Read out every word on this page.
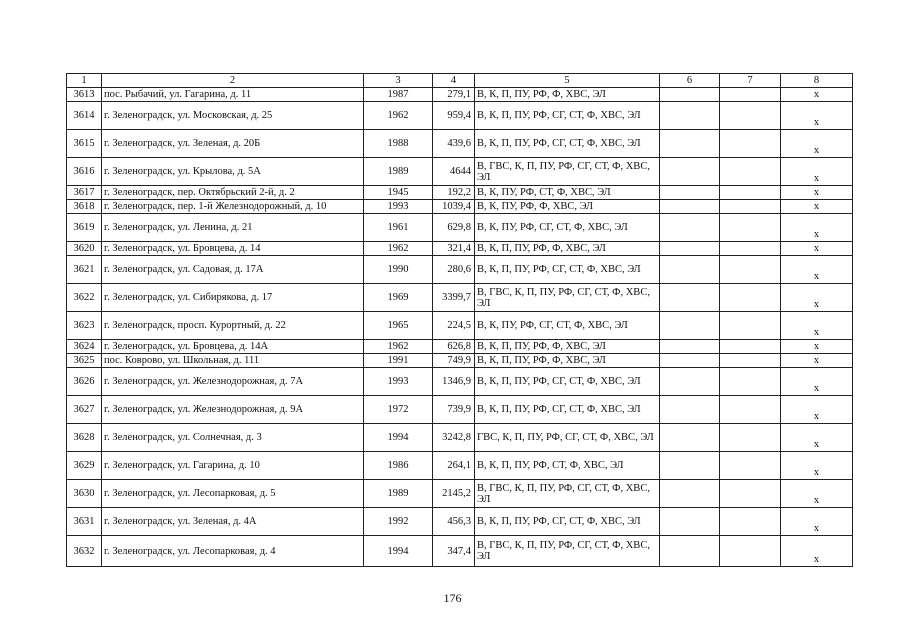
1	2	3	4	5	6	7	8
3613	пос. Рыбачий, ул. Гагарина, д. 11	1987	279,1	В, К, П, ПУ, РФ, Ф, ХВС, ЭЛ			х
3614	г. Зеленоградск, ул. Московская, д. 25	1962	959,4	В, К, П, ПУ, РФ, СГ, СТ, Ф, ХВС, ЭЛ			х
3615	г. Зеленоградск, ул. Зеленая, д. 20Б	1988	439,6	В, К, П, ПУ, РФ, СГ, СТ, Ф, ХВС, ЭЛ			х
3616	г. Зеленоградск, ул. Крылова, д. 5А	1989	4644	В, ГВС, К, П, ПУ, РФ, СГ, СТ, Ф, ХВС, ЭЛ			х
3617	г. Зеленоградск, пер. Октябрьский 2-й, д. 2	1945	192,2	В, К, ПУ, РФ, СТ, Ф, ХВС, ЭЛ			х
3618	г. Зеленоградск, пер. 1-й Железнодорожный, д. 10	1993	1039,4	В, К, ПУ, РФ, Ф, ХВС, ЭЛ			х
3619	г. Зеленоградск, ул. Ленина, д. 21	1961	629,8	В, К, ПУ, РФ, СГ, СТ, Ф, ХВС, ЭЛ			х
3620	г. Зеленоградск, ул. Бровцева, д. 14	1962	321,4	В, К, П, ПУ, РФ, Ф, ХВС, ЭЛ			х
3621	г. Зеленоградск, ул. Садовая, д. 17А	1990	280,6	В, К, П, ПУ, РФ, СГ, СТ, Ф, ХВС, ЭЛ			х
3622	г. Зеленоградск, ул. Сибирякова, д. 17	1969	3399,7	В, ГВС, К, П, ПУ, РФ, СГ, СТ, Ф, ХВС, ЭЛ			х
3623	г. Зеленоградск, просп. Курортный, д. 22	1965	224,5	В, К, ПУ, РФ, СГ, СТ, Ф, ХВС, ЭЛ			х
3624	г. Зеленоградск, ул. Бровцева, д. 14А	1962	626,8	В, К, П, ПУ, РФ, Ф, ХВС, ЭЛ			х
3625	пос. Коврово, ул. Школьная, д. 111	1991	749,9	В, К, П, ПУ, РФ, Ф, ХВС, ЭЛ			х
3626	г. Зеленоградск, ул. Железнодорожная, д. 7А	1993	1346,9	В, К, П, ПУ, РФ, СГ, СТ, Ф, ХВС, ЭЛ			х
3627	г. Зеленоградск, ул. Железнодорожная, д. 9А	1972	739,9	В, К, П, ПУ, РФ, СГ, СТ, Ф, ХВС, ЭЛ			х
3628	г. Зеленоградск, ул. Солнечная, д. 3	1994	3242,8	ГВС, К, П, ПУ, РФ, СГ, СТ, Ф, ХВС, ЭЛ			х
3629	г. Зеленоградск, ул. Гагарина, д. 10	1986	264,1	В, К, П, ПУ, РФ, СТ, Ф, ХВС, ЭЛ			х
3630	г. Зеленоградск, ул. Лесопарковая, д. 5	1989	2145,2	В, ГВС, К, П, ПУ, РФ, СГ, СТ, Ф, ХВС, ЭЛ			х
3631	г. Зеленоградск, ул. Зеленая, д. 4А	1992	456,3	В, К, П, ПУ, РФ, СГ, СТ, Ф, ХВС, ЭЛ			х
3632	г. Зеленоградск, ул. Лесопарковая, д. 4	1994	347,4	В, ГВС, К, П, ПУ, РФ, СГ, СТ, Ф, ХВС, ЭЛ			х
176
